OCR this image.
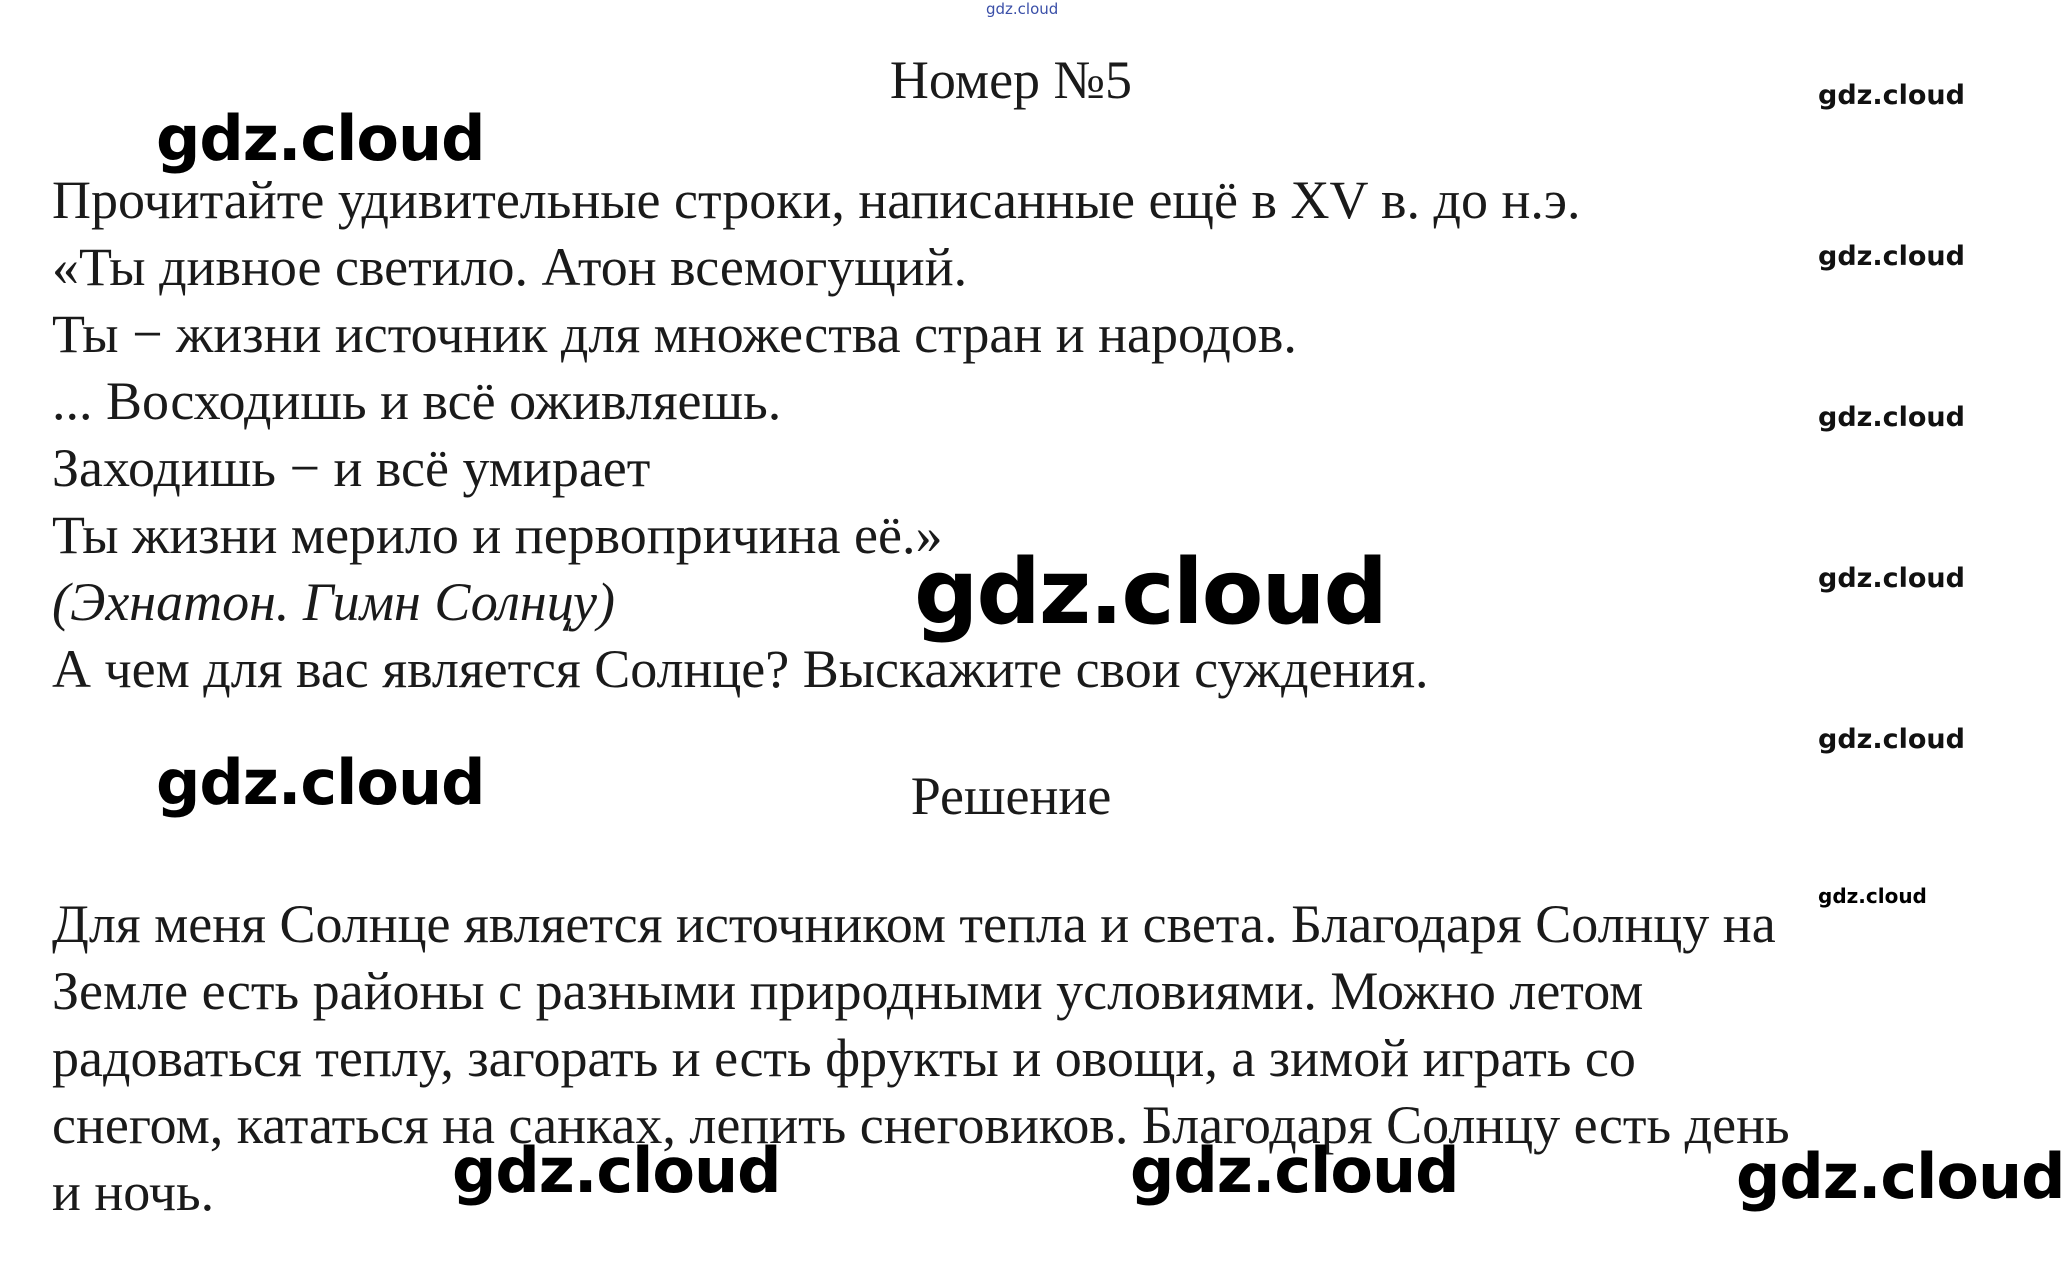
gdz.cloud
Номер №5
Прочитайте удивительные строки, написанные ещё в XV в. до н.э.
«Ты дивное светило. Атон всемогущий.
Ты − жизни источник для множества стран и народов.
... Восходишь и всё оживляешь.
Заходишь − и всё умирает
Ты жизни мерило и первопричина её.»
(Эхнатон. Гимн Солнцу)
А чем для вас является Солнце? Выскажите свои суждения.
Решение
Для меня Солнце является источником тепла и света. Благодаря Солнцу на
Земле есть районы с разными природными условиями. Можно летом
радоваться теплу, загорать и есть фрукты и овощи, а зимой играть со
снегом, кататься на санках, лепить снеговиков. Благодаря Солнцу есть день
и ночь.
gdz.cloud
gdz.cloud
gdz.cloud
gdz.cloud	gdz.cloud	gdz.cloud
gdz.cloud
gdz.cloud
gdz.cloud
gdz.cloud
gdz.cloud
gdz.cloud
